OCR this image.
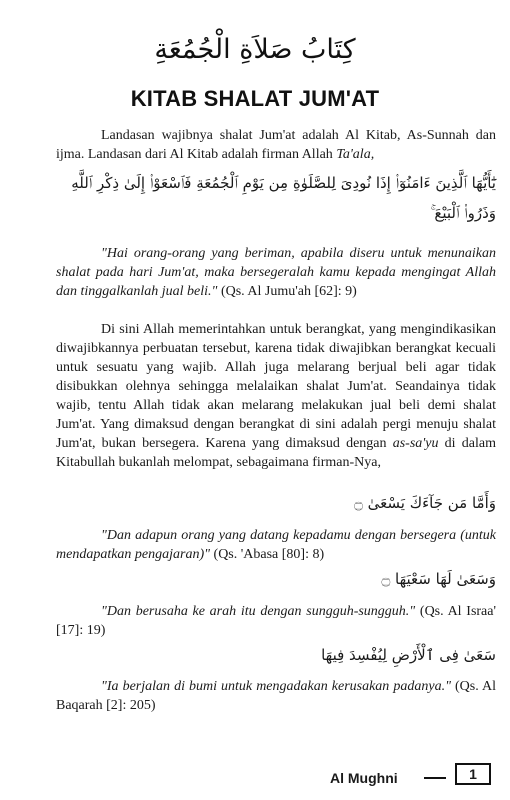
كِتَابُ صَلاَةِ الْجُمُعَةِ
KITAB SHALAT JUM'AT

Landasan wajibnya shalat Jum'at adalah Al Kitab, As-Sunnah dan ijma. Landasan dari Al Kitab adalah firman Allah Ta'ala,

يَٰٓأَيُّهَا ٱلَّذِينَ ءَامَنُوٓا۟ إِذَا نُودِىَ لِلصَّلَوٰةِ مِن يَوْمِ ٱلْجُمُعَةِ فَٱسْعَوْا۟ إِلَىٰ ذِكْرِ ٱللَّهِ وَذَرُوا۟ ٱلْبَيْعَ ۚ

"Hai orang-orang yang beriman, apabila diseru untuk menunaikan shalat pada hari Jum'at, maka bersegeralah kamu kepada mengingat Allah dan tinggalkanlah jual beli." (Qs. Al Jumu'ah [62]: 9)

Di sini Allah memerintahkan untuk berangkat, yang mengindikasikan diwajibkannya perbuatan tersebut, karena tidak diwajibkan berangkat kecuali untuk sesuatu yang wajib. Allah juga melarang berjual beli agar tidak disibukkan olehnya sehingga melalaikan shalat Jum'at. Seandainya tidak wajib, tentu Allah tidak akan melarang melakukan jual beli demi shalat Jum'at. Yang dimaksud dengan berangkat di sini adalah pergi menuju shalat Jum'at, bukan bersegera. Karena yang dimaksud dengan as-sa'yu di dalam Kitabullah bukanlah melompat, sebagaimana firman-Nya,

وَأَمَّا مَن جَآءَكَ يَسْعَىٰ ۝

"Dan adapun orang yang datang kepadamu dengan bersegera (untuk mendapatkan pengajaran)" (Qs. 'Abasa [80]: 8)

وَسَعَىٰ لَهَا سَعْيَهَا ۝

"Dan berusaha ke arah itu dengan sungguh-sungguh." (Qs. Al Israa' [17]: 19)

سَعَىٰ فِى ٱلْأَرْضِ لِيُفْسِدَ فِيهَا

"Ia berjalan di bumi untuk mengadakan kerusakan padanya." (Qs. Al Baqarah [2]: 205)

Al Mughni	1
